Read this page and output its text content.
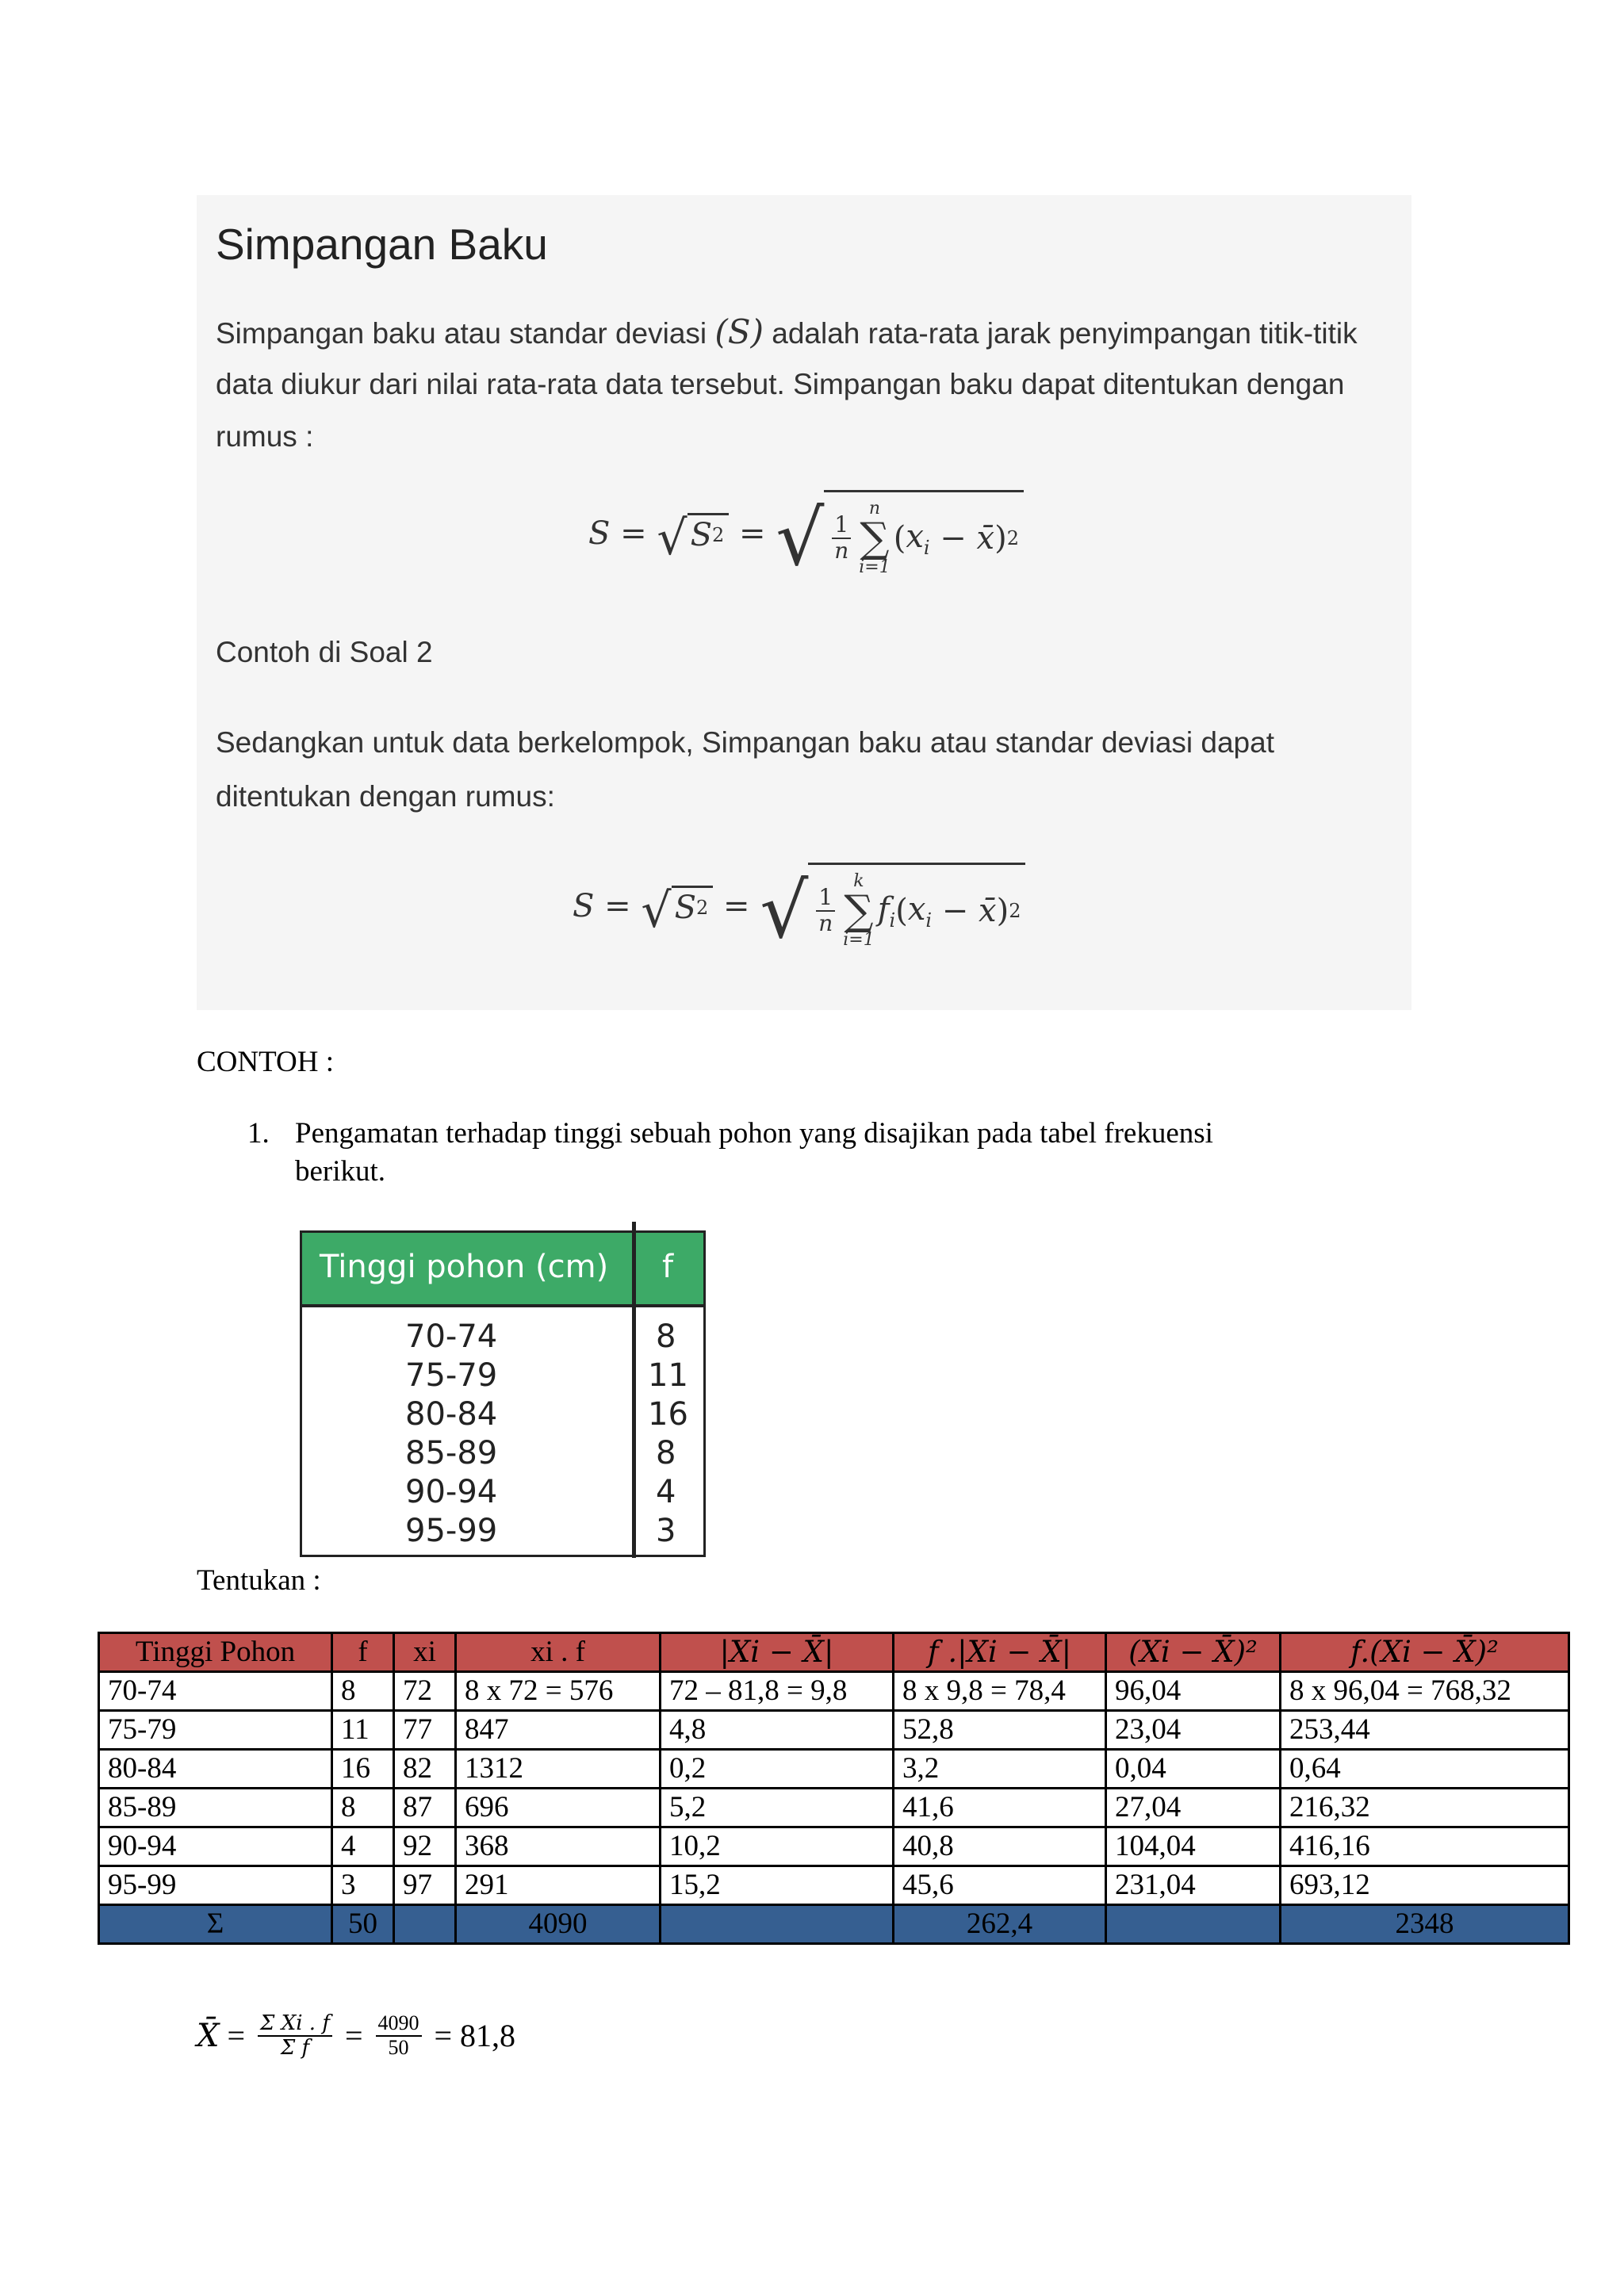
Simpangan Baku
Simpangan baku atau standar deviasi (S) adalah rata-rata jarak penyimpangan titik-titik
data diukur dari nilai rata-rata data tersebut. Simpangan baku dapat ditentukan dengan
rumus :
S = √ S 2 = √ $\frac{1}{n}$
n
∑
i=1
( $x_i$ − x̄ ) 2
Contoh di Soal 2
Sedangkan untuk data berkelompok, Simpangan baku atau standar deviasi dapat
ditentukan dengan rumus:
S = √ S 2 = √ $\frac{1}{n}$
k
∑
i=1
$f_i$ ( $x_i$ − x̄ ) 2
CONTOH :
1. Pengamatan terhadap tinggi sebuah pohon yang disajikan pada tabel frekuensi
berikut.
Tinggi pohon (cm) f
70-74	8
75-79	11
80-84	16
85-89	8
90-94	4
95-99	3
Tentukan :
Tinggi Pohon	f	xi	xi . f	|Xi − X̄|	f .|Xi − X̄|	(Xi − X̄)²	f.(Xi − X̄)²
70-74	8	72	8 x 72 = 576	72 – 81,8 = 9,8	8 x 9,8 = 78,4	96,04	8 x 96,04 = 768,32
75-79	11	77	847	4,8	52,8	23,04	253,44
80-84	16	82	1312	0,2	3,2	0,04	0,64
85-89	8	87	696	5,2	41,6	27,04	216,32
90-94	4	92	368	10,2	40,8	104,04	416,16
95-99	3	97	291	15,2	45,6	231,04	693,12
Σ	50		4090		262,4		2348
X̄ = $\frac{\text{Σ Xi . f}}{\text{Σ f}} = \frac{4090}{50}$
= 81,8
